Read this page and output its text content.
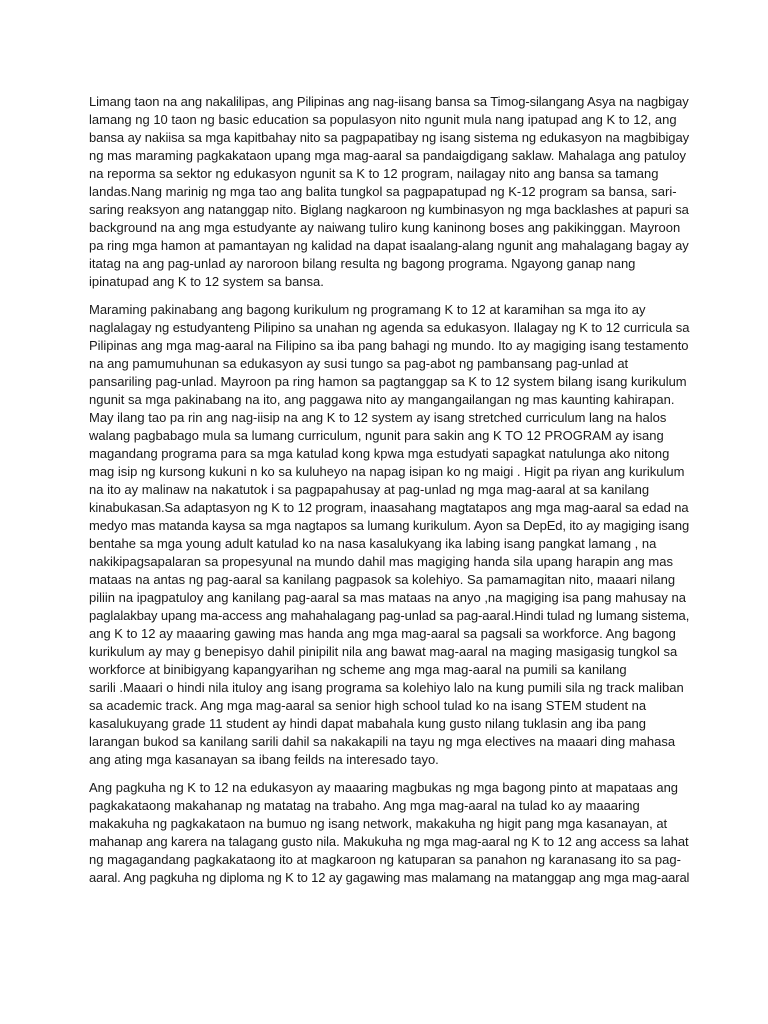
Limang taon na ang nakalilipas, ang Pilipinas ang nag-iisang bansa sa Timog-silangang Asya na nagbigay
lamang ng 10 taon ng basic education sa populasyon nito ngunit mula nang ipatupad ang K to 12, ang
bansa ay nakiisa sa mga kapitbahay nito sa pagpapatibay ng isang sistema ng edukasyon na magbibigay
ng mas maraming pagkakataon upang mga mag-aaral sa pandaigdigang saklaw. Mahalaga ang patuloy
na reporma sa sektor ng edukasyon ngunit sa K to 12 program, nailagay nito ang bansa sa tamang
landas.Nang marinig ng mga tao ang balita tungkol sa pagpapatupad ng K-12 program sa bansa, sari-
saring reaksyon ang natanggap nito. Biglang nagkaroon ng kumbinasyon ng mga backlashes at papuri sa
background na ang mga estudyante ay naiwang tuliro kung kaninong boses ang pakikinggan. Mayroon
pa ring mga hamon at pamantayan ng kalidad na dapat isaalang-alang ngunit ang mahalagang bagay ay
itatag na ang pag-unlad ay naroroon bilang resulta ng bagong programa. Ngayong ganap nang
ipinatupad ang K to 12 system sa bansa.
Maraming pakinabang ang bagong kurikulum ng programang K to 12 at karamihan sa mga ito ay
naglalagay ng estudyanteng Pilipino sa unahan ng agenda sa edukasyon. Ilalagay ng K to 12 curricula sa
Pilipinas ang mga mag-aaral na Filipino sa iba pang bahagi ng mundo. Ito ay magiging isang testamento
na ang pamumuhunan sa edukasyon ay susi tungo sa pag-abot ng pambansang pag-unlad at
pansariling pag-unlad. Mayroon pa ring hamon sa pagtanggap sa K to 12 system bilang isang kurikulum
ngunit sa mga pakinabang na ito, ang paggawa nito ay mangangailangan ng mas kaunting kahirapan.
May ilang tao pa rin ang nag-iisip na ang K to 12 system ay isang stretched curriculum lang na halos
walang pagbabago mula sa lumang curriculum, ngunit para sakin ang K TO 12 PROGRAM ay isang
magandang programa para sa mga katulad kong kpwa mga estudyati sapagkat natulunga ako nitong
mag isip ng kursong kukuni n ko sa kuluheyo na napag isipan ko ng maigi . Higit pa riyan ang kurikulum
na ito ay malinaw na nakatutok i sa pagpapahusay at pag-unlad ng mga mag-aaral at sa kanilang
kinabukasan.Sa adaptasyon ng K to 12 program, inaasahang magtatapos ang mga mag-aaral sa edad na
medyo mas matanda kaysa sa mga nagtapos sa lumang kurikulum. Ayon sa DepEd, ito ay magiging isang
bentahe sa mga young adult katulad ko na nasa kasalukyang ika labing isang pangkat lamang , na
nakikipagsapalaran sa propesyunal na mundo dahil mas magiging handa sila upang harapin ang mas
mataas na antas ng pag-aaral sa kanilang pagpasok sa kolehiyo. Sa pamamagitan nito, maaari nilang
piliin na ipagpatuloy ang kanilang pag-aaral sa mas mataas na anyo ,na magiging isa pang mahusay na
paglalakbay upang ma-access ang mahahalagang pag-unlad sa pag-aaral.Hindi tulad ng lumang sistema,
ang K to 12 ay maaaring gawing mas handa ang mga mag-aaral sa pagsali sa workforce. Ang bagong
kurikulum ay may g benepisyo dahil pinipilit nila ang bawat mag-aaral na maging masigasig tungkol sa
workforce at binibigyang kapangyarihan ng scheme ang mga mag-aaral na pumili sa kanilang
sarili .Maaari o hindi nila ituloy ang isang programa sa kolehiyo lalo na kung pumili sila ng track maliban
sa academic track. Ang mga mag-aaral sa senior high school tulad ko na isang STEM student na
kasalukuyang grade 11 student ay hindi dapat mabahala kung gusto nilang tuklasin ang iba pang
larangan bukod sa kanilang sarili dahil sa nakakapili na tayu ng mga electives na maaari ding mahasa
ang ating mga kasanayan sa ibang feilds na interesado tayo.
Ang pagkuha ng K to 12 na edukasyon ay maaaring magbukas ng mga bagong pinto at mapataas ang
pagkakataong makahanap ng matatag na trabaho. Ang mga mag-aaral na tulad ko ay maaaring
makakuha ng pagkakataon na bumuo ng isang network, makakuha ng higit pang mga kasanayan, at
mahanap ang karera na talagang gusto nila. Makukuha ng mga mag-aaral ng K to 12 ang access sa lahat
ng magagandang pagkakataong ito at magkaroon ng katuparan sa panahon ng karanasang ito sa pag-
aaral. Ang pagkuha ng diploma ng K to 12 ay gagawing mas malamang na matanggap ang mga mag-aaral
